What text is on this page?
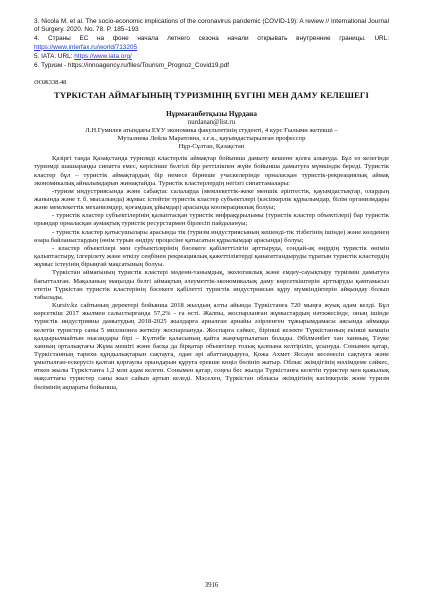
3. Nicola M. et al. The socio-economic implications of the coronavirus pandemic (COVID-19): A review // International Journal of Surgery. 2020. No. 78. P. 185–193

4. Страны ЕС на фоне начала летнего сезона начали открывать внутренние границы. URL: https://www.interfax.ru/world/713205

5. IATA. URL: https://www.iata.org/

6. Туризм - https://innoagency.ru/files/Tourism_Prognoz_Covid19.pdf

ӘОЖ338.48
ТҮРКІСТАН АЙМАҒЫНЫҢ ТУРИЗМІНІҢ БҮГІНІ МЕН ДАМУ КЕЛЕШЕГІ
Нұрмағанбетқызы Нұрдана
nurdanan@list.ru
Л.Н.Гумилев атындағы ЕҰУ экономика факультетінің студенті, 4 курс Ғылыми жетекші –
Муталиева Лейла Маратовна, э.ғ.к., қауымдастырылған профессор
Нұр-Сұлтан, Қазақстан

Қазіргі таңда Қазақстанда туризмді кластерлік аймақтар бойынша дамыту кешенн қолға алынуда. Бұл өз кезегінде туризмді шашыраңқы сипатта емес, керісінше белгілі бір реттілікпен жүйе бойынша дамытуға мүмкіндік береді. Туристік кластер бұл – туристік аймақтардың бір немесе бірнеше учаскелерінде орналасқан туристік-рекреациялық аймақ экономикалық айналымдарын жинақтайды. Туристік кластерлердің негізгі сипаттамалары:

-туризм индустриясында және сабақтас салаларда (мемлекеттік-жеке меншік әріптестік, қауымдастықтар, олардың жанында және т. б. мысалында) жұмыс істейтін туристік кластер субъектілері (кәсіпкерлік құрылымдар, білім организмдары және мемлекеттік механизмдер, қоғамдық ұйымдар) арасында кооперациялық болуы;

- туристік кластер субъектілерінің қалыптасқан туристік инфрақұрылымы (туристік кластер объектілері) бар туристік орындар орналасқан аумақтық туристік ресурстармен бірлесіп пайдалануы;

- туристік кластер қатысушылары арасында тік (туризм индустриясының кешенді-тік тізбегінің ішінде) және көлденең өзара байланыстардың (өнім турын өндіру процесіне қатысатын құрылымдар арасында) болуы;

- кластер объектілері мен субъектілерінің бәсекеге қабілеттілігін арттыруда, сондай-ақ өңірдің туристік өнімін қалыптастыру, ілгерілету және өткізу сеңбінен рекреациялық қажеттіліктерді қанағаттандыруды тұратын туристік кластердің жұмыс істеуінің бірыңғай мақсатының болуы.

Түркістан аймағының туристік кластері мәдени-танымдық, экологиялық және емдеу-сауықтыру туризмін дамытуға бағытталған. Мақаланың маңызды белгі аймақтың әлеуметтік-экономикалық даму көрсеткіштерін арттыруды қамтамасыз ететін Түркістан туристік кластерінің бәсекеге қабілетті туристік индустриясын құру мүмкіндіктерін айқындау болып табылады.

Kursiv.kz сайтының деректері бойынша 2018 жылдың алты айында Түркістанға 720 мыңға жуық адам келді. Бұл көрсеткіш 2017 жылмен салыстырғанда 57,2% - ға өсті. Жалпы, жоспарланған жұмыстардың нәтижесінде, оның ішінде туристік индустрияны дамытудың 2018-2025 жылдарға арналған арнайы әзірленген тұжырымдамасы аясында аймаққа келетін туристер саны 5 миллионға жеткізу жоспарлануда. Жоспарға сәйкес, бірінші кезекте Түркістанның екінші кемшін қалдырылмайтын нысандары бірі – Күлтөбе қаласының қайта жаңғыртылатын болады. Әбілмәнбет хан ханның, Тәуке ханның орталықтағы Жұма мешіті және басқа да бірқатар объектілер толық қалпына келтіріліп, ұсынуда. Сонымен қатар, Түркістанның тарихи құндылықтарын сақтауға, одан әрі абаттандыруға, Қожа Ахмет Яссауи кесенесін сақтауға және ұмытылған-ескерусіз қалған қорғаулы орындарын құруға ерекше көңіл бөлініп жатыр. Облыс әкімдігінің мәлімдеме сәйкес, өткен жылы Түркістанға 1,2 млн адам келген. Сонымен қатар, соңғы бес жылда Түркістанға келетін туристер мен қажылық мақсаттағы туристер саны жыл сайын артып келеді. Мәселен, Түркістан облысы әкімдігінің кәсіпкерлік және туризм бөлімінің ақпараты бойынша,

3916
